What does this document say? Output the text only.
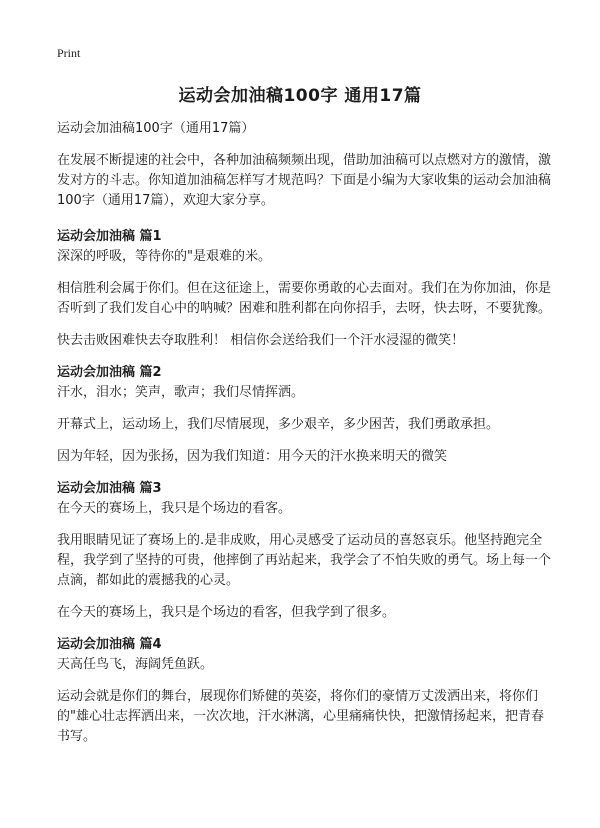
Print
运动会加油稿100字 通用17篇

运动会加油稿100字（通用17篇）

在发展不断提速的社会中，各种加油稿频频出现，借助加油稿可以点燃对方的激情，激发对方的斗志。你知道加油稿怎样写才规范吗？下面是小编为大家收集的运动会加油稿100字（通用17篇），欢迎大家分享。

运动会加油稿 篇1

深深的呼吸，等待你的"是艰难的米。

相信胜利会属于你们。但在这征途上，需要你勇敢的心去面对。我们在为你加油，你是否听到了我们发自心中的呐喊？困难和胜利都在向你招手，去呀，快去呀，不要犹豫。

快去击败困难快去夺取胜利！ 相信你会送给我们一个汗水浸湿的微笑！

运动会加油稿 篇2

汗水，泪水；笑声，歌声；我们尽情挥洒。

开幕式上，运动场上，我们尽情展现，多少艰辛，多少困苦，我们勇敢承担。

因为年轻，因为张扬，因为我们知道：用今天的汗水换来明天的微笑

运动会加油稿 篇3

在今天的赛场上，我只是个场边的看客。

我用眼睛见证了赛场上的.是非成败，用心灵感受了运动员的喜怒哀乐。他坚持跑完全程，我学到了坚持的可贵，他摔倒了再站起来，我学会了不怕失败的勇气。场上每一个点滴，都如此的震撼我的心灵。

在今天的赛场上，我只是个场边的看客，但我学到了很多。

运动会加油稿 篇4

天高任鸟飞，海阔凭鱼跃。

运动会就是你们的舞台，展现你们矫健的英姿，将你们的豪情万丈泼洒出来，将你们的"雄心壮志挥洒出来，一次次地，汗水淋漓，心里痛痛快快，把激情扬起来，把青春书写。
